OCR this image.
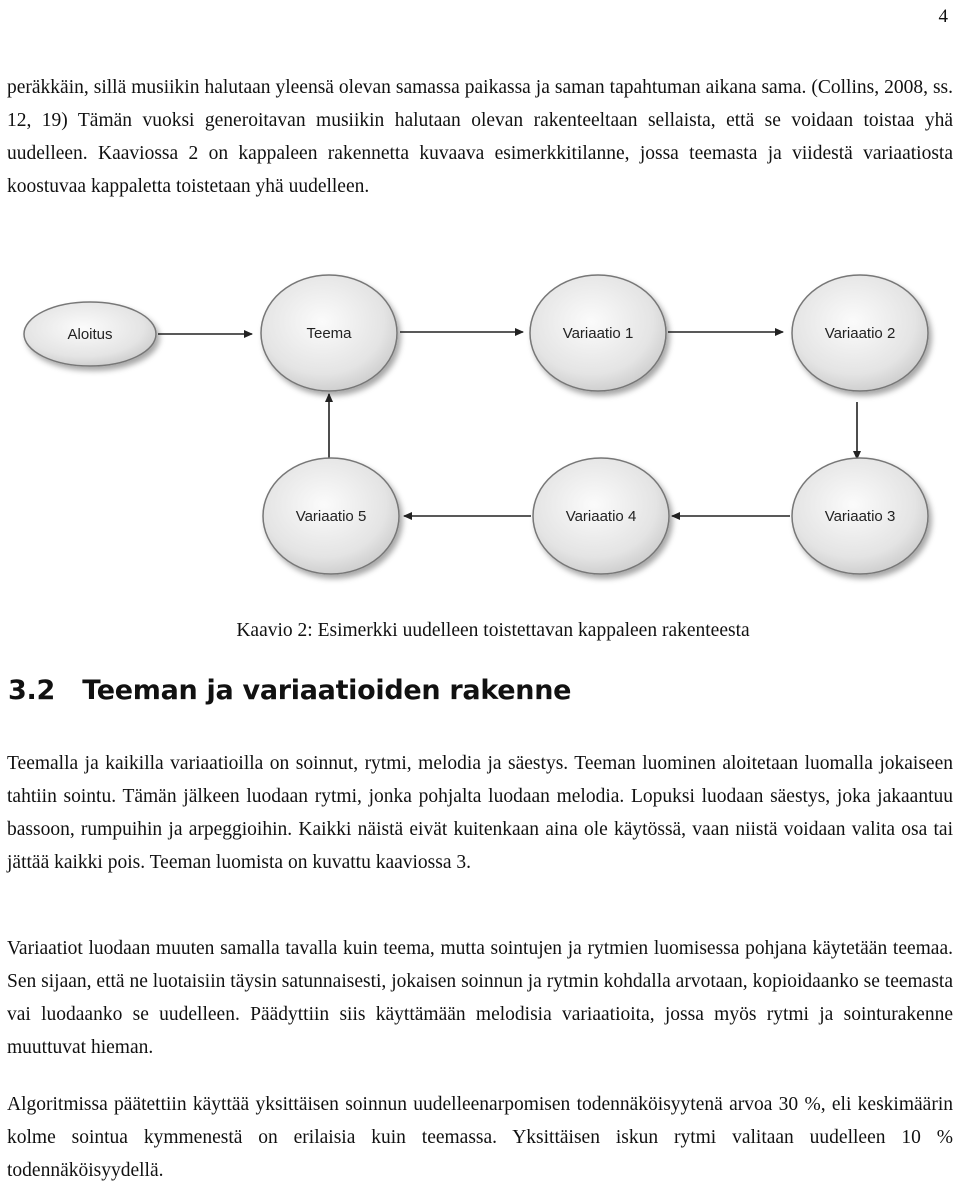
4

peräkkäin, sillä musiikin halutaan yleensä olevan samassa paikassa ja saman tapahtuman aikana sama. (Collins, 2008, ss. 12, 19) Tämän vuoksi generoitavan musiikin halutaan olevan rakenteeltaan sellaista, että se voidaan toistaa yhä uudelleen. Kaaviossa 2 on kappaleen rakennetta kuvaava esimerkkitilanne, jossa teemasta ja viidestä variaatiosta koostuvaa kappaletta toistetaan yhä uudelleen.

Aloitus	Teema	Variaatio 1	Variaatio 2
Variaatio 3
Variaatio 4
Variaatio 5
Kaavio 2: Esimerkki uudelleen toistettavan kappaleen rakenteesta
3.2   Teeman ja variaatioiden rakenne

Teemalla ja kaikilla variaatioilla on soinnut, rytmi, melodia ja säestys. Teeman luominen aloitetaan luomalla jokaiseen tahtiin sointu. Tämän jälkeen luodaan rytmi, jonka pohjalta luodaan melodia. Lopuksi luodaan säestys, joka jakaantuu bassoon, rumpuihin ja arpeggioihin. Kaikki näistä eivät kuitenkaan aina ole käytössä, vaan niistä voidaan valita osa tai jättää kaikki pois. Teeman luomista on kuvattu kaaviossa 3.

Variaatiot luodaan muuten samalla tavalla kuin teema, mutta sointujen ja rytmien luomisessa pohjana käytetään teemaa. Sen sijaan, että ne luotaisiin täysin satunnaisesti, jokaisen soinnun ja rytmin kohdalla arvotaan, kopioidaanko se teemasta vai luodaanko se uudelleen. Päädyttiin siis käyttämään melodisia variaatioita, jossa myös rytmi ja sointurakenne muuttuvat hieman.

Algoritmissa päätettiin käyttää yksittäisen soinnun uudelleenarpomisen todennäköisyytenä arvoa 30 %, eli keskimäärin kolme sointua kymmenestä on erilaisia kuin teemassa. Yksittäisen iskun rytmi valitaan uudelleen 10 % todennäköisyydellä.
